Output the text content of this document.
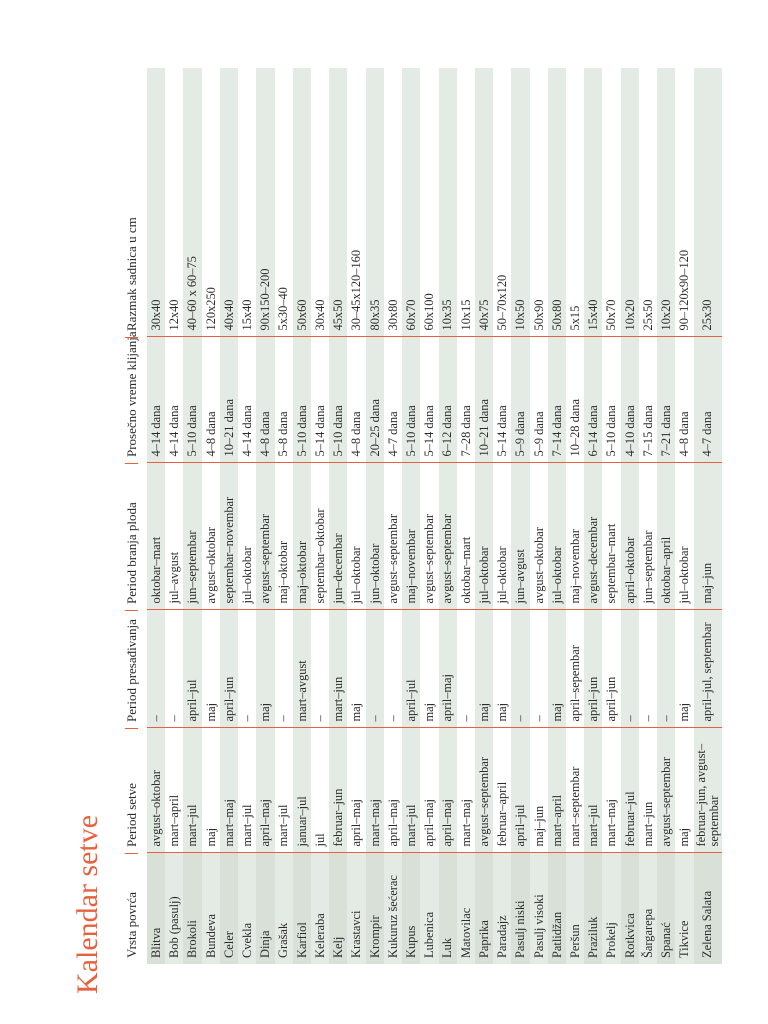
Kalendar setve	Vrsta povrća	Period setve	Period presađivanja	Period branja ploda	Prosečno vreme klijanja	Razmak sadnica u cm
Blitva	avgust–oktobar	–	oktobar–mart	4–14 dana	30x40
Bob (pasulj)	mart–april	–	jul–avgust	4–14 dana	12x40
Brokoli	mart–jul	april–jul	jun–septembar	5–10 dana	40–60 x 60–75
Bundeva	maj	maj	avgust–oktobar	4–8 dana	120x250
Celer	mart–maj	april–jun	septembar–novembar	10–21 dana	40x40
Cvekla	mart–jul	–	jul–oktobar	4–14 dana	15x40
Dinja	april–maj	maj	avgust–septembar	4–8 dana	90x150–200
Grašak	mart–jul	–	maj–oktobar	5–8 dana	5x30–40
Karfiol	januar–jul	mart–avgust	maj–oktobar	5–10 dana	50x60
Keleraba	jul	–	septembar–oktobar	5–14 dana	30x40
Kelj	februar–jun	mart–jun	jun–decembar	5–10 dana	45x50
Krastavci	april–maj	maj	jul–oktobar	4–8 dana	30–45x120–160
Krompir	mart–maj	–	jun–oktobar	20–25 dana	80x35
Kukuruz šećerac	april–maj	–	avgust–septembar	4–7 dana	30x80
Kupus	mart–jul	april–jul	maj–novembar	5–10 dana	60x70
Lubenica	april–maj	maj	avgust–septembar	5–14 dana	60x100
Luk	april–maj	april–maj	avgust–septembar	6–12 dana	10x35
Matovilac	mart–maj	–	oktobar–mart	7–28 dana	10x15
Paprika	avgust–septembar	maj	jul–oktobar	10–21 dana	40x75
Paradajz	februar–april	maj	jul–oktobar	5–14 dana	50–70x120
Pasulj niski	april–jul	–	jun–avgust	5–9 dana	10x50
Pasulj visoki	maj–jun	–	avgust–oktobar	5–9 dana	50x90
Patlidžan	mart–april	maj	jul–oktobar	7–14 dana	50x80
Peršun	mart–septembar	april–sepembar	maj–novembar	10–28 dana	5x15
Praziluk	mart–jul	april–jun	avgust–decembar	6–14 dana	15x40
Prokelj	mart–maj	april–jun	septembar–mart	5–10 dana	50x70
Rotkvica	februar–jul	–	april–oktobar	4–10 dana	10x20
Šargarepa	mart–jun	–	jun–septembar	7–15 dana	25x50
Spanać	avgust–septembar	–	oktobar–april	7–21 dana	10x20
Tikvice	maj	maj	jul–oktobar	4–8 dana	90–120x90–120
Zelena Salata	februar–jun, avgust–septembar	april–jul, septembar	maj–jun	4–7 dana	25x30
